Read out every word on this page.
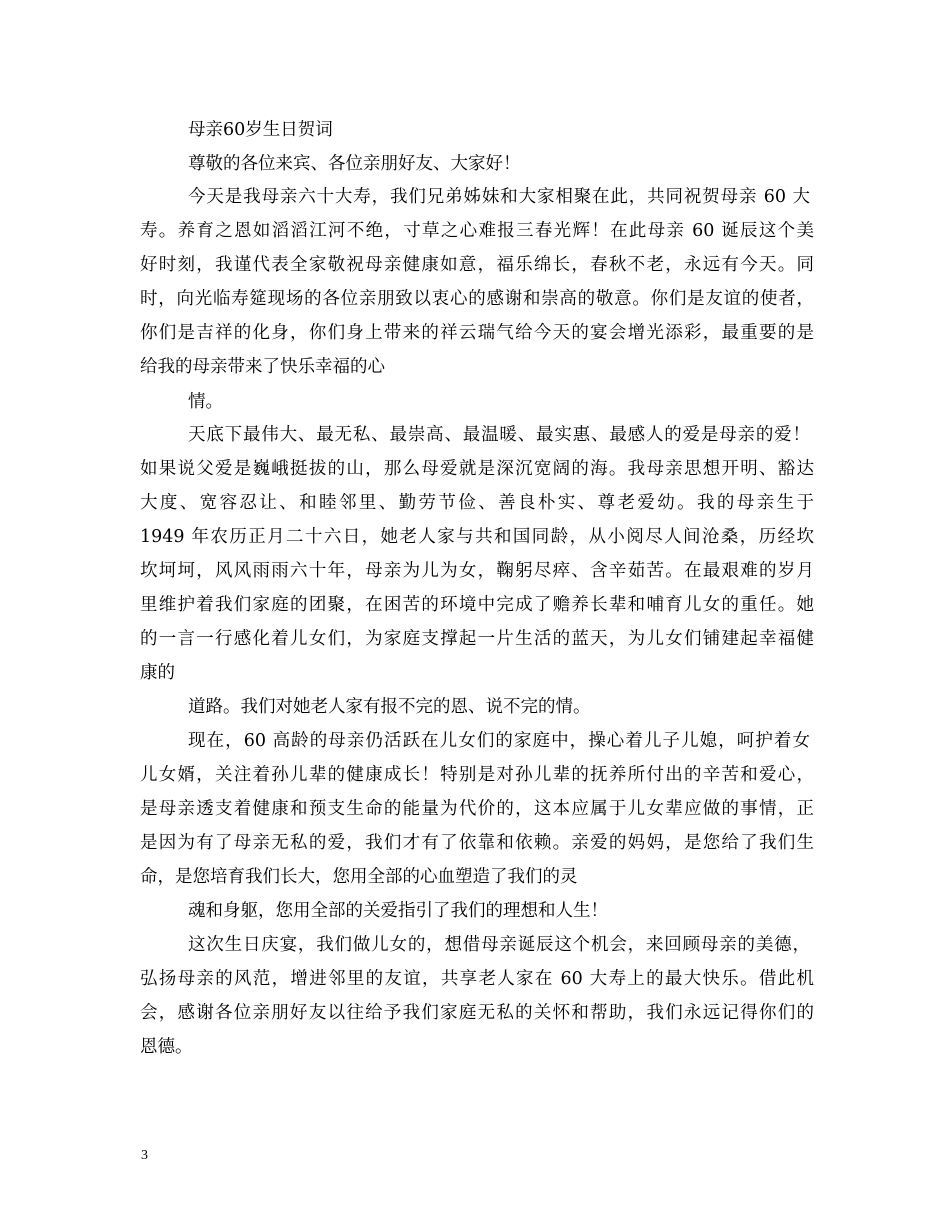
母亲60岁生日贺词
尊敬的各位来宾、各位亲朋好友、大家好！
今天是我母亲六十大寿，我们兄弟姊妹和大家相聚在此，共同祝贺母亲 60 大
寿。养育之恩如滔滔江河不绝，寸草之心难报三春光辉！在此母亲 60 诞辰这个美
好时刻，我谨代表全家敬祝母亲健康如意，福乐绵长，春秋不老，永远有今天。同
时，向光临寿筵现场的各位亲朋致以衷心的感谢和崇高的敬意。你们是友谊的使者，
你们是吉祥的化身，你们身上带来的祥云瑞气给今天的宴会增光添彩，最重要的是
给我的母亲带来了快乐幸福的心
情。
天底下最伟大、最无私、最崇高、最温暖、最实惠、最感人的爱是母亲的爱！
如果说父爱是巍峨挺拔的山，那么母爱就是深沉宽阔的海。我母亲思想开明、豁达
大度、宽容忍让、和睦邻里、勤劳节俭、善良朴实、尊老爱幼。我的母亲生于
1949 年农历正月二十六日，她老人家与共和国同龄，从小阅尽人间沧桑，历经坎
坎坷坷，风风雨雨六十年，母亲为儿为女，鞠躬尽瘁、含辛茹苦。在最艰难的岁月
里维护着我们家庭的团聚，在困苦的环境中完成了赡养长辈和哺育儿女的重任。她
的一言一行感化着儿女们，为家庭支撑起一片生活的蓝天，为儿女们铺建起幸福健
康的
道路。我们对她老人家有报不完的恩、说不完的情。
现在，60 高龄的母亲仍活跃在儿女们的家庭中，操心着儿子儿媳，呵护着女
儿女婿，关注着孙儿辈的健康成长！特别是对孙儿辈的抚养所付出的辛苦和爱心，
是母亲透支着健康和预支生命的能量为代价的，这本应属于儿女辈应做的事情，正
是因为有了母亲无私的爱，我们才有了依靠和依赖。亲爱的妈妈，是您给了我们生
命，是您培育我们长大，您用全部的心血塑造了我们的灵
魂和身躯，您用全部的关爱指引了我们的理想和人生！
这次生日庆宴，我们做儿女的，想借母亲诞辰这个机会，来回顾母亲的美德，
弘扬母亲的风范，增进邻里的友谊，共享老人家在 60 大寿上的最大快乐。借此机
会，感谢各位亲朋好友以往给予我们家庭无私的关怀和帮助，我们永远记得你们的
恩德。
3
